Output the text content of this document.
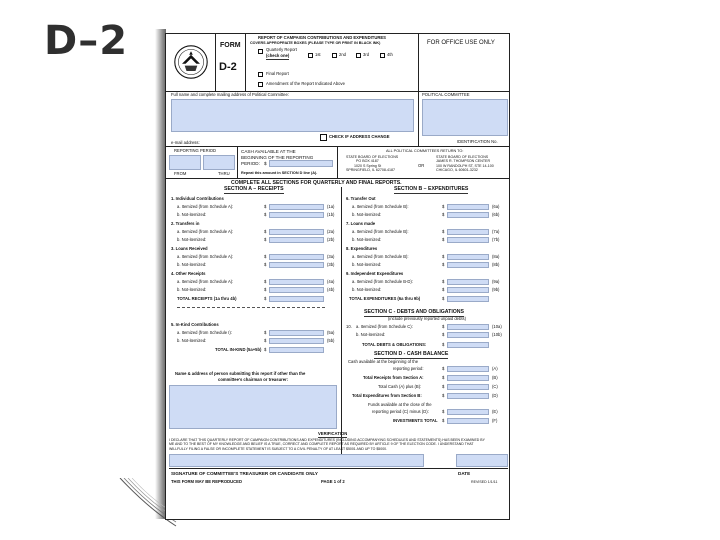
D–2	FORM
D-2
REPORT OF CAMPAIGN CONTRIBUTIONS AND EXPENDITURES
COVERS APPROPRIATE BOXES (PLEASE TYPE OR PRINT IN BLACK INK)
Quarterly Report
(check one)	1st	2nd	3rd	4th
Final Report
Amendment of the Report Indicated Above
FOR OFFICE USE ONLY
Full name and complete mailing address of Political Committee:
CHECK IF ADDRESS CHANGE
e-mail address:
POLITICAL COMMITTEE
IDENTIFICATION No.
REPORTING PERIOD
FROM	THRU
CASH AVAILABLE AT THE
BEGINNING OF THE REPORTING
PERIOD: $
Repeat this amount in SECTION D line (A).
ALL POLITICAL COMMITTEES RETURN TO:
STATE BOARD OF ELECTIONS
PO BOX 4187
1020 S Spring St
SPRINGFIELD, IL 62708-4187
OR
STATE BOARD OF ELECTIONS
JAMES R. THOMPSON CENTER
100 W RANDOLPH ST, STE 14-100
CHICAGO, IL 60601-3232
COMPLETE ALL SECTIONS FOR QUARTERLY AND FINAL REPORTS.
SECTION A – RECEIPTS
1. Individual Contributions
a. Itemized (from Schedule A):	$	(1a)
b. Not-itemized:	$	(1b)
2. Transfers in
a. Itemized (from Schedule A):	$	(2a)
b. Not-itemized:	$	(2b)
3. Loans Received
a. Itemized (from Schedule A):	$	(3a)
b. Not-itemized:	$	(3b)
4. Other Receipts
a. Itemized (from Schedule A):	$	(4a)
b. Not-itemized:	$	(4b)
TOTAL RECEIPTS (1a thru 4b)	$
5. In-Kind Contributions
a. Itemized (from Schedule I):	$	(5a)
b. Not-itemized:	$	(5b)
TOTAL IN-KIND (5a+5b) $
Name & address of person submitting this report if other than the
committee's chairman or treasurer:
SECTION B – EXPENDITURES
6. Transfer Out
a. Itemized (from Schedule B):	$	(6a)
b. Not-itemized:	$	(6b)
7. Loans made
a. Itemized (from Schedule B):	$	(7a)
b. Not-itemized:	$	(7b)
8. Expenditures
a. Itemized (from Schedule B):	$	(8a)
b. Not-itemized:	$	(8b)
9. Independent Expenditures
a. Itemized (from Schedule B-D):	$	(9a)
b. Not-itemized:	$	(9b)
TOTAL EXPENDITURES (6a thru 9b)	$
SECTION C - DEBTS AND OBLIGATIONS
(include previously reported unpaid debts)
10. a. Itemized (from Schedule C):	$	(10a)
b. Not-itemized:	$	(10b)
TOTAL DEBTS & OBLIGATIONS:	$
SECTION D - CASH BALANCE
Cash available at the beginning of the
reporting period:	$	(A)
Total Receipts from Section A:	$	(B)
Total Cash (A) plus (B):	$	(C)
Total Expenditures from Section B:	$	(D)
Funds available at the close of the
reporting period (C) minus (D):	$	(E)
INVESTMENTS TOTAL $	(F)
VERIFICATION
I DECLARE THAT THIS QUARTERLY REPORT OF CAMPAIGN CONTRIBUTIONS AND EXPENDITURES (INCLUDING ACCOMPANYING SCHEDULES AND STATEMENTS) HAS BEEN EXAMINED BY ME AND TO THE BEST OF MY KNOWLEDGE AND BELIEF IS A TRUE, CORRECT AND COMPLETE REPORT AS REQUIRED BY ARTICLE 9 OF THE ELECTION CODE. I UNDERSTAND THAT WILLFULLY FILING A FALSE OR INCOMPLETE STATEMENT IS SUBJECT TO A CIVIL PENALTY OF AT LEAST $5001 AND UP TO $5000.
SIGNATURE OF COMMITTEE'S TREASURER OR CANDIDATE ONLY	DATE
THIS FORM MAY BE REPRODUCED	PAGE 1 of 2	REVISED 1/1/11
